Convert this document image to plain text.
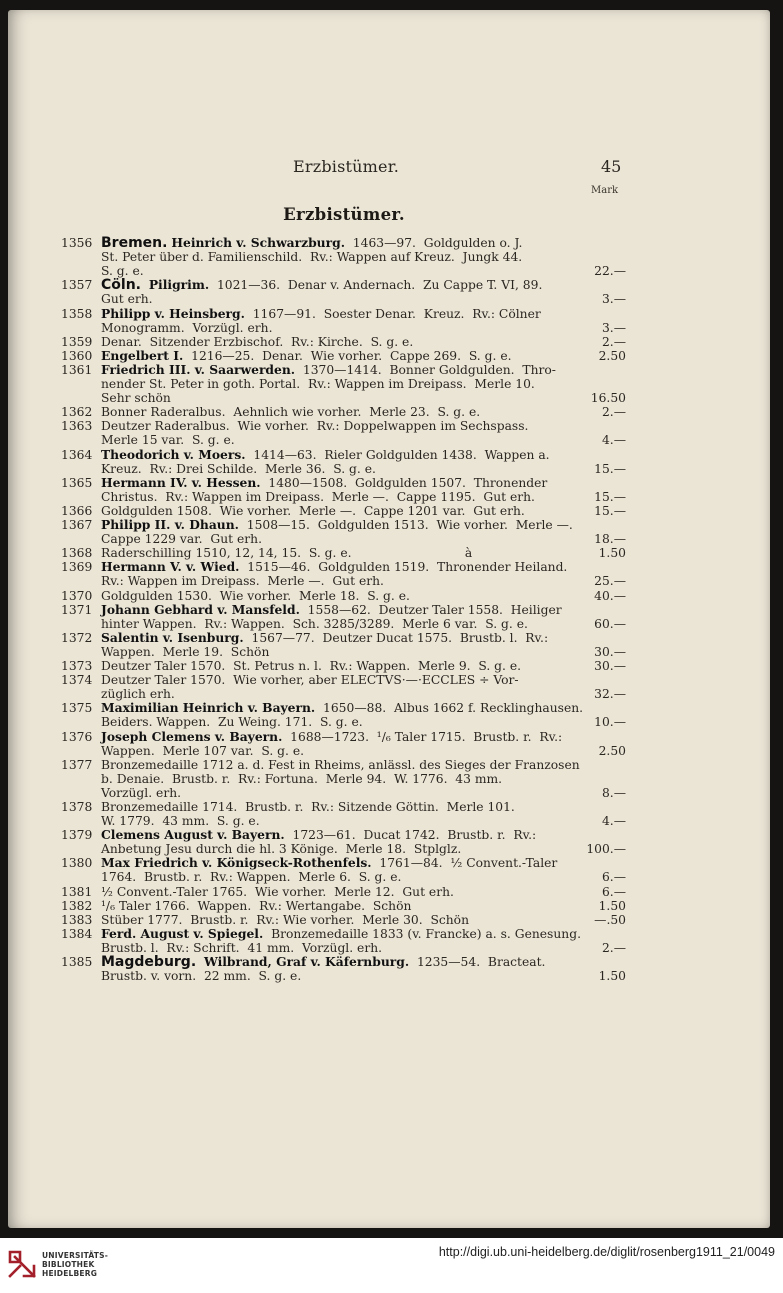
Erzbistümer.	45
Mark
Erzbistümer.
1356 Bremen. Heinrich v. Schwarzburg.  1463—97.  Goldgulden o. J.
St. Peter über d. Familienschild.  Rv.: Wappen auf Kreuz.  Jungk 44.
S. g. e.	22.—
1357 Cöln. Piligrim.  1021—36.  Denar v. Andernach.  Zu Cappe T. VI, 89.
Gut erh.	3.—
1358 Philipp v. Heinsberg.  1167—91.  Soester Denar.  Kreuz.  Rv.: Cölner
Monogramm.  Vorzügl. erh.	3.—
1359 Denar.  Sitzender Erzbischof.  Rv.: Kirche.  S. g. e.	2.—
1360 Engelbert I.  1216—25.  Denar.  Wie vorher.  Cappe 269.  S. g. e.	2.50
1361 Friedrich III. v. Saarwerden.  1370—1414.  Bonner Goldgulden.  Thro-
nender St. Peter in goth. Portal.  Rv.: Wappen im Dreipass.  Merle 10.
Sehr schön	16.50
1362 Bonner Raderalbus.  Aehnlich wie vorher.  Merle 23.  S. g. e.	2.—
1363 Deutzer Raderalbus.  Wie vorher.  Rv.: Doppelwappen im Sechspass.
Merle 15 var.  S. g. e.	4.—
1364 Theodorich v. Moers.  1414—63.  Rieler Goldgulden 1438.  Wappen a.
Kreuz.  Rv.: Drei Schilde.  Merle 36.  S. g. e.	15.—
1365 Hermann IV. v. Hessen.  1480—1508.  Goldgulden 1507.  Thronender
Christus.  Rv.: Wappen im Dreipass.  Merle —.  Cappe 1195.  Gut erh.	15.—
1366 Goldgulden 1508.  Wie vorher.  Merle —.  Cappe 1201 var.  Gut erh.	15.—
1367 Philipp II. v. Dhaun.  1508—15.  Goldgulden 1513.  Wie vorher.  Merle —.
Cappe 1229 var.  Gut erh.	18.—
1368 Raderschilling 1510, 12, 14, 15.  S. g. e.                             à	1.50
1369 Hermann V. v. Wied.  1515—46.  Goldgulden 1519.  Thronender Heiland.
Rv.: Wappen im Dreipass.  Merle —.  Gut erh.	25.—
1370 Goldgulden 1530.  Wie vorher.  Merle 18.  S. g. e.	40.—
1371 Johann Gebhard v. Mansfeld.  1558—62.  Deutzer Taler 1558.  Heiliger
hinter Wappen.  Rv.: Wappen.  Sch. 3285/3289.  Merle 6 var.  S. g. e.	60.—
1372 Salentin v. Isenburg.  1567—77.  Deutzer Ducat 1575.  Brustb. l.  Rv.:
Wappen.  Merle 19.  Schön	30.—
1373 Deutzer Taler 1570.  St. Petrus n. l.  Rv.: Wappen.  Merle 9.  S. g. e.	30.—
1374 Deutzer Taler 1570.  Wie vorher, aber ELECTVS·—·ECCLES ÷ Vor-
züglich erh.	32.—
1375 Maximilian Heinrich v. Bayern.  1650—88.  Albus 1662 f. Recklinghausen.
Beiders. Wappen.  Zu Weing. 171.  S. g. e.	10.—
1376 Joseph Clemens v. Bayern.  1688—1723.  ¹/₆ Taler 1715.  Brustb. r.  Rv.:
Wappen.  Merle 107 var.  S. g. e.	2.50
1377 Bronzemedaille 1712 a. d. Fest in Rheims, anlässl. des Sieges der Franzosen
b. Denaie.  Brustb. r.  Rv.: Fortuna.  Merle 94.  W. 1776.  43 mm.
Vorzügl. erh.	8.—
1378 Bronzemedaille 1714.  Brustb. r.  Rv.: Sitzende Göttin.  Merle 101.
W. 1779.  43 mm.  S. g. e.	4.—
1379 Clemens August v. Bayern.  1723—61.  Ducat 1742.  Brustb. r.  Rv.:
Anbetung Jesu durch die hl. 3 Könige.  Merle 18.  Stplglz.	100.—
1380 Max Friedrich v. Königseck-Rothenfels.  1761—84.  ½ Convent.-Taler
1764.  Brustb. r.  Rv.: Wappen.  Merle 6.  S. g. e.	6.—
1381 ½ Convent.-Taler 1765.  Wie vorher.  Merle 12.  Gut erh.	6.—
1382 ¹/₆ Taler 1766.  Wappen.  Rv.: Wertangabe.  Schön	1.50
1383 Stüber 1777.  Brustb. r.  Rv.: Wie vorher.  Merle 30.  Schön	—.50
1384 Ferd. August v. Spiegel.  Bronzemedaille 1833 (v. Francke) a. s. Genesung.
Brustb. l.  Rv.: Schrift.  41 mm.  Vorzügl. erh.	2.—
1385 Magdeburg. Wilbrand, Graf v. Käfernburg.  1235—54.  Bracteat.
Brustb. v. vorn.  22 mm.  S. g. e.	1.50
UNIVERSITÄTS-
BIBLIOTHEK
HEIDELBERG
http://digi.ub.uni-heidelberg.de/diglit/rosenberg1911_21/0049
